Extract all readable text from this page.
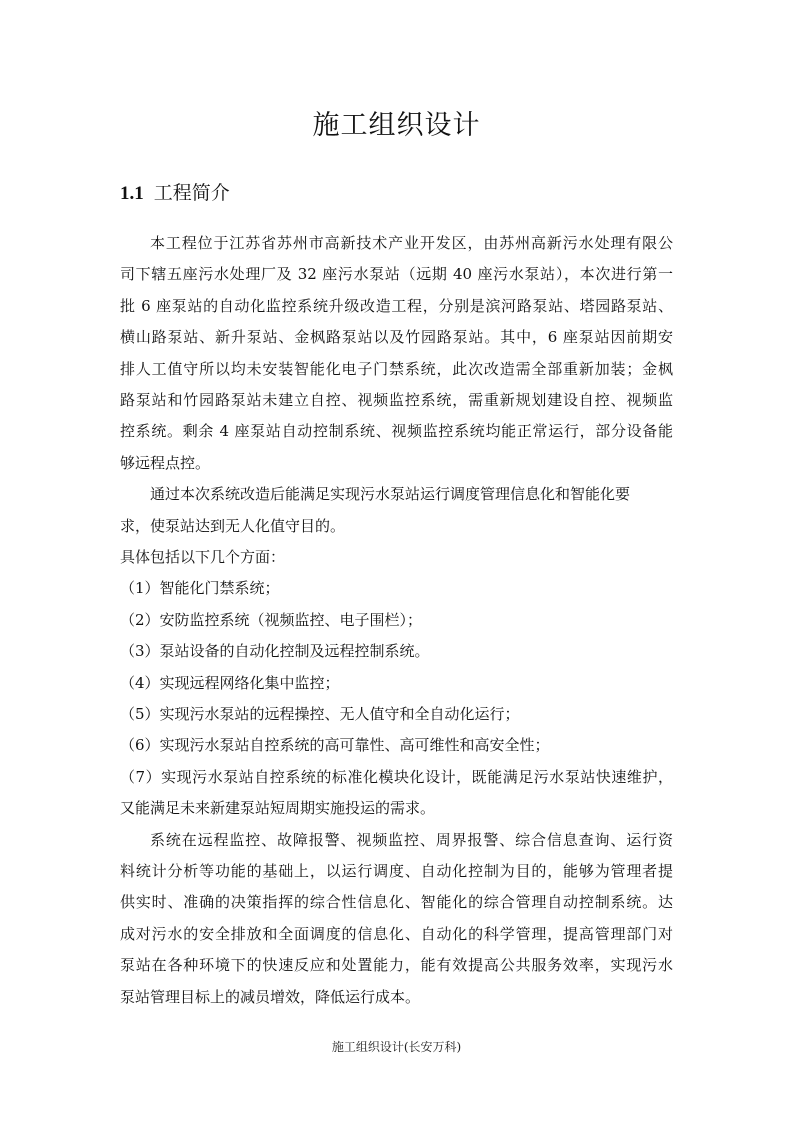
施工组织设计
1.1 工程简介
本工程位于江苏省苏州市高新技术产业开发区，由苏州高新污水处理有限公
司下辖五座污水处理厂及 32 座污水泵站（远期 40 座污水泵站），本次进行第一
批 6 座泵站的自动化监控系统升级改造工程，分别是滨河路泵站、塔园路泵站、
横山路泵站、新升泵站、金枫路泵站以及竹园路泵站。其中，6 座泵站因前期安
排人工值守所以均未安装智能化电子门禁系统，此次改造需全部重新加装；金枫
路泵站和竹园路泵站未建立自控、视频监控系统，需重新规划建设自控、视频监
控系统。剩余 4 座泵站自动控制系统、视频监控系统均能正常运行，部分设备能
够远程点控。
通过本次系统改造后能满足实现污水泵站运行调度管理信息化和智能化要
求，使泵站达到无人化值守目的。
具体包括以下几个方面：
（1）智能化门禁系统；
（2）安防监控系统（视频监控、电子围栏）；
（3）泵站设备的自动化控制及远程控制系统。
（4）实现远程网络化集中监控；
（5）实现污水泵站的远程操控、无人值守和全自动化运行；
（6）实现污水泵站自控系统的高可靠性、高可维性和高安全性；
（7）实现污水泵站自控系统的标准化模块化设计，既能满足污水泵站快速维护，
又能满足未来新建泵站短周期实施投运的需求。
系统在远程监控、故障报警、视频监控、周界报警、综合信息查询、运行资
料统计分析等功能的基础上，以运行调度、自动化控制为目的，能够为管理者提
供实时、准确的决策指挥的综合性信息化、智能化的综合管理自动控制系统。达
成对污水的安全排放和全面调度的信息化、自动化的科学管理，提高管理部门对
泵站在各种环境下的快速反应和处置能力，能有效提高公共服务效率，实现污水
泵站管理目标上的减员增效，降低运行成本。
施工组织设计(长安万科)
